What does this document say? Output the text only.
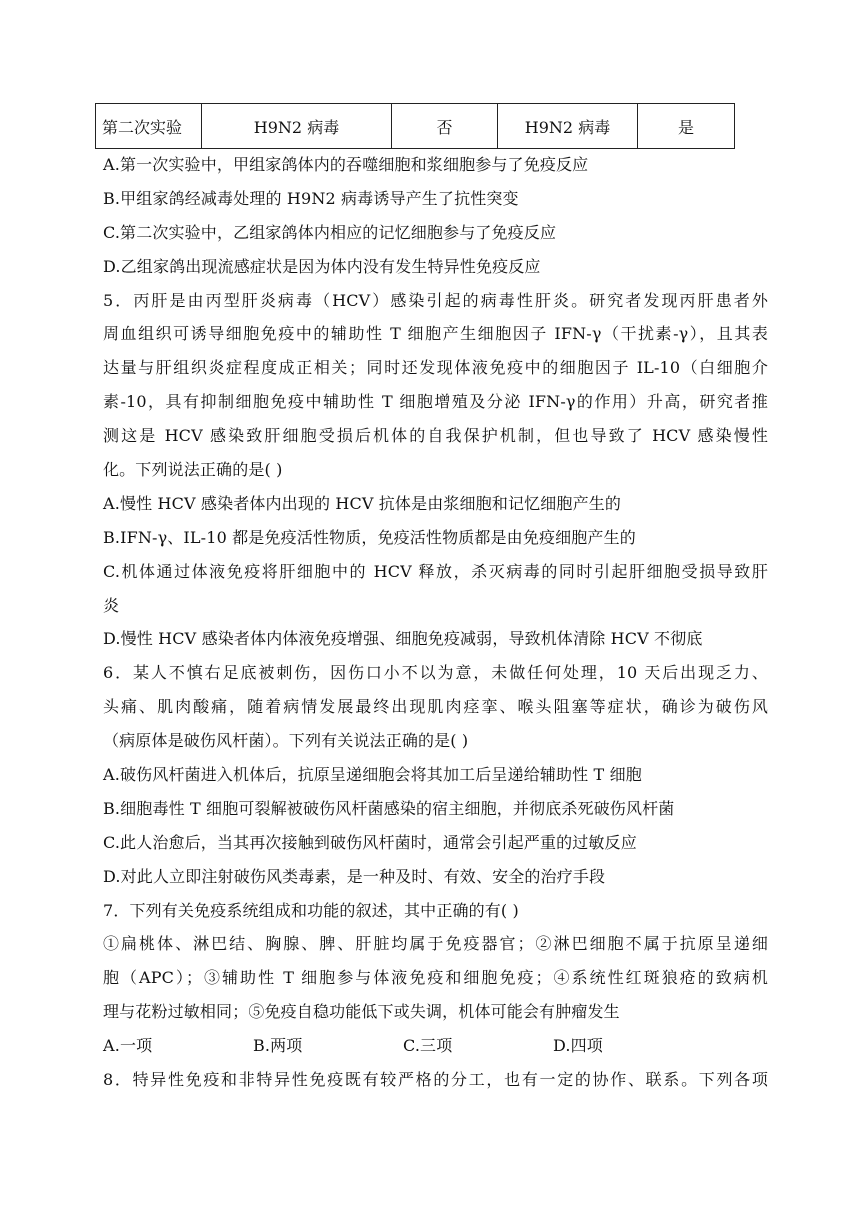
第二次实验	H9N2 病毒	否	H9N2 病毒	是
A.第一次实验中，甲组家鸽体内的吞噬细胞和浆细胞参与了免疫反应
B.甲组家鸽经减毒处理的 H9N2 病毒诱导产生了抗性突变
C.第二次实验中，乙组家鸽体内相应的记忆细胞参与了免疫反应
D.乙组家鸽出现流感症状是因为体内没有发生特异性免疫反应
5．丙肝是由丙型肝炎病毒（HCV）感染引起的病毒性肝炎。研究者发现丙肝患者外
周血组织可诱导细胞免疫中的辅助性 T 细胞产生细胞因子 IFN-γ（干扰素-γ），且其表
达量与肝组织炎症程度成正相关；同时还发现体液免疫中的细胞因子 IL-10（白细胞介
素-10，具有抑制细胞免疫中辅助性 T 细胞增殖及分泌 IFN-γ的作用）升高，研究者推
测这是 HCV 感染致肝细胞受损后机体的自我保护机制，但也导致了 HCV 感染慢性
化。下列说法正确的是( )
A.慢性 HCV 感染者体内出现的 HCV 抗体是由浆细胞和记忆细胞产生的
B.IFN-γ、IL-10 都是免疫活性物质，免疫活性物质都是由免疫细胞产生的
C.机体通过体液免疫将肝细胞中的 HCV 释放，杀灭病毒的同时引起肝细胞受损导致肝
炎
D.慢性 HCV 感染者体内体液免疫增强、细胞免疫减弱，导致机体清除 HCV 不彻底
6．某人不慎右足底被刺伤，因伤口小不以为意，未做任何处理，10 天后出现乏力、
头痛、肌肉酸痛，随着病情发展最终出现肌肉痉挛、喉头阻塞等症状，确诊为破伤风
（病原体是破伤风杆菌）。下列有关说法正确的是( )
A.破伤风杆菌进入机体后，抗原呈递细胞会将其加工后呈递给辅助性 T 细胞
B.细胞毒性 T 细胞可裂解被破伤风杆菌感染的宿主细胞，并彻底杀死破伤风杆菌
C.此人治愈后，当其再次接触到破伤风杆菌时，通常会引起严重的过敏反应
D.对此人立即注射破伤风类毒素，是一种及时、有效、安全的治疗手段
7．下列有关免疫系统组成和功能的叙述，其中正确的有( )
①扁桃体、淋巴结、胸腺、脾、肝脏均属于免疫器官；②淋巴细胞不属于抗原呈递细
胞（APC）；③辅助性 T 细胞参与体液免疫和细胞免疫；④系统性红斑狼疮的致病机
理与花粉过敏相同；⑤免疫自稳功能低下或失调，机体可能会有肿瘤发生
A.一项	B.两项	C.三项	D.四项
8．特异性免疫和非特异性免疫既有较严格的分工，也有一定的协作、联系。下列各项
